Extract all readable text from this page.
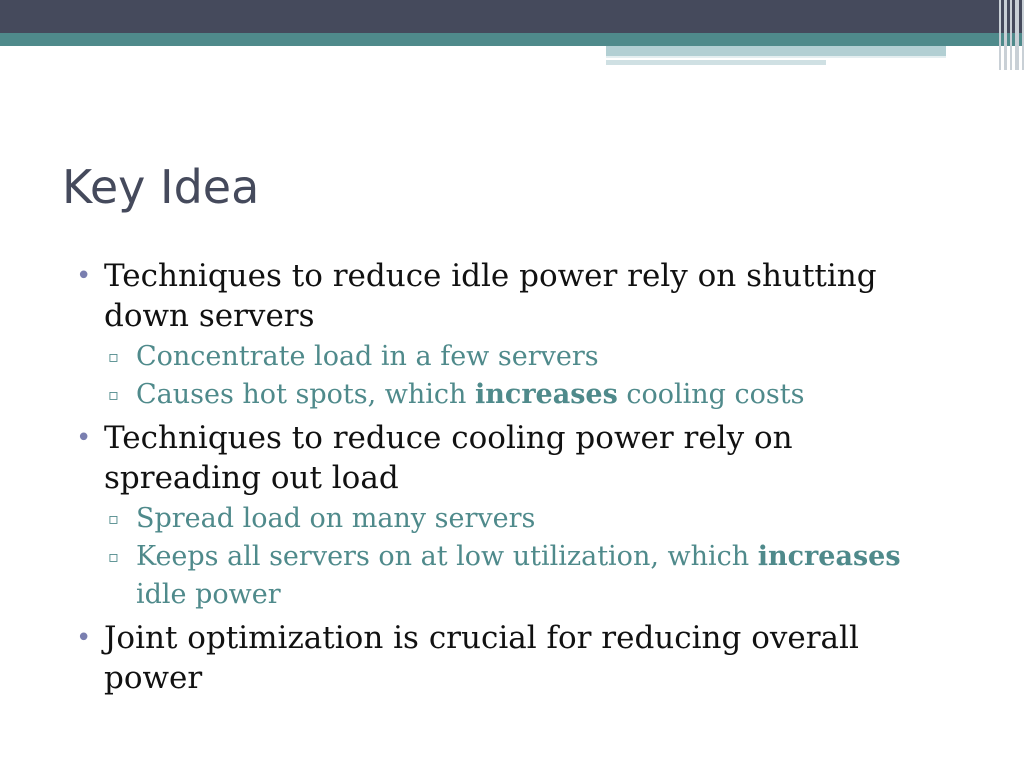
Key Idea
• Techniques to reduce idle power rely on shutting down servers
▫ Concentrate load in a few servers
▫ Causes hot spots, which increases cooling costs
• Techniques to reduce cooling power rely on spreading out load
▫ Spread load on many servers
▫ Keeps all servers on at low utilization, which increases idle power
• Joint optimization is crucial for reducing overall power
